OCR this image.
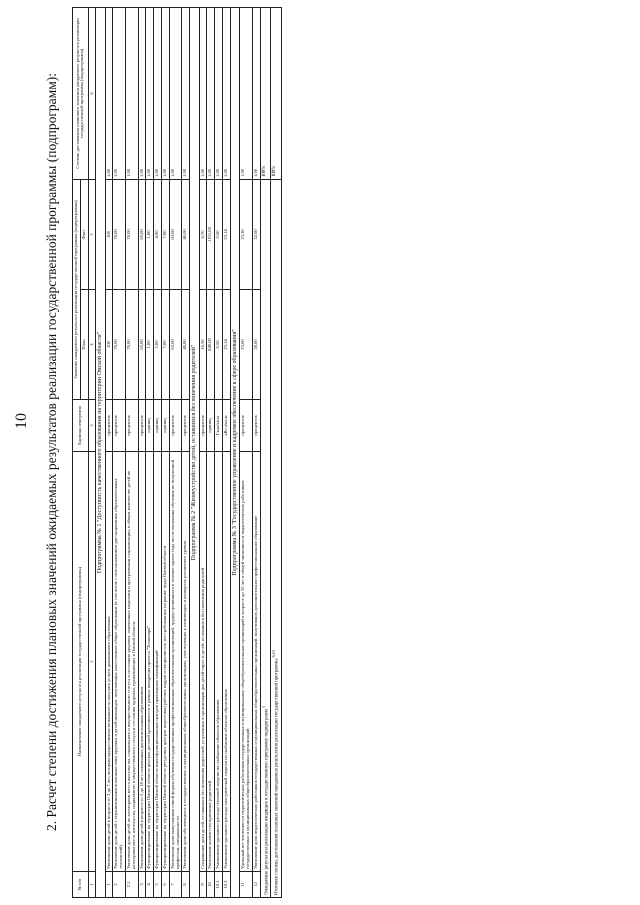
10 2. Расчет степени достижения плановых значений ожидаемых результатов реализации государственной программы (подпрограмм):
№ п/п	Наименование ожидаемого результата реализации государственной программы (подпрограммы)	Единица измерения	Значение ожидаемого результата реализации государственной программы (подпрограммы)		Степень достижения планового значения ожидаемого результата реализации государственной программы (подпрограммы)
			План	Факт	
1	2	3	4	5	6
Подпрограмма № 1 "Доступность качественного образования на территории Омской области"					
1	Увеличение доли детей в возрасте от 3 до 7 лет, которым предоставлена возможность получать услуги дошкольного образования	процентов	100	100	1,00
2	Увеличение доли детей с ограниченными возможностями здоровья и детей-инвалидов, получающих качественное общее образование (в том числе с использованием дистанционных образовательных технологий)	процентов	78,00	78,00	1,00
2.1	Увеличение доли детей по категориям места жительства, социального и имущественного статуса и состояния здоровья, охваченных моделями и программами социализации, в общем количестве детей по категориям места жительства, социального и имущественного статуса и состояния здоровья, проживающих в Омской области	процентов	78,00	78,00	1,00
3	Увеличение доли детей в возрасте от 5 до 18 лет, охваченных дополнительным образованием	процентов	65,00	65,00	1,00
4	Функционирование на территории Омской области центров детской креативности в рамках внедрения проекта "Технопарк"	единиц	1,00	1,00	1,00
5	Функционирование на территории Омской области многофункциональных центров прикладных квалификаций	единиц	2,00	4,00	1,00
6	Функционирование на территории Омской области ресурсных центров подготовки рабочих кадров и специалистов, востребованных на рынке труда Омской области	единиц	7,00	7,00	1,00
7	Увеличение доли выпускников очной формы обучения государственных профессиональных образовательных организаций, трудоустроившихся в течение одного года после окончания обучения по полученной профессии, специальности	процентов	63,00	63,00	1,00
8	Увеличение доли обучающихся в государственных и муниципальных общеобразовательных организациях, участвующих в олимпиадах и конкурсах различного уровня	процентов	40,00	40,00	1,00
Подпрограмма № 2 "Жизнеустройство детей, оставшихся без попечения родителей"					
9	Сокращение доли детей, оставшихся без попечения родителей, устроенных в организации для детей-сирот и детей, оставшихся без попечения родителей	процентов	10,50	6,70	1,00
10	Увеличение количества приемных родителей	единиц	840,00	1101,00	1,00
10.1	Уменьшение удельного расхода тепловой энергии на снабжение объектов образования	Гкал/кв.м	0,50	0,50	1,00
10.2	Уменьшение удельного расхода электрической энергии на снабжение объектов образования	кВт.ч/кв.м	23,14	23,14	1,00
Подпрограмма № 3 "Государственное управление и кадровое обеспечение в сфере образования"					
11	Удельный вес численности педагогических работников государственных и муниципальных общеобразовательных организаций в возрасте до 35 лет в общей численности педагогических работников государственных и муниципальных общеобразовательных организаций	процентов	23,00	23,30	1,00
12	Увеличение доли педагогических работников государственных и муниципальных общеобразовательных организаций, получивших дополнительное профессиональное образование	процентов	28,00	32,60	1,00
Ожидаемые результаты реализации входящих в государственную программу подпрограмм $^5$					100%
Итоговая степень достижения плановых значений ожидаемых результатов реализации государственной программы $^{6,10}$					100%
